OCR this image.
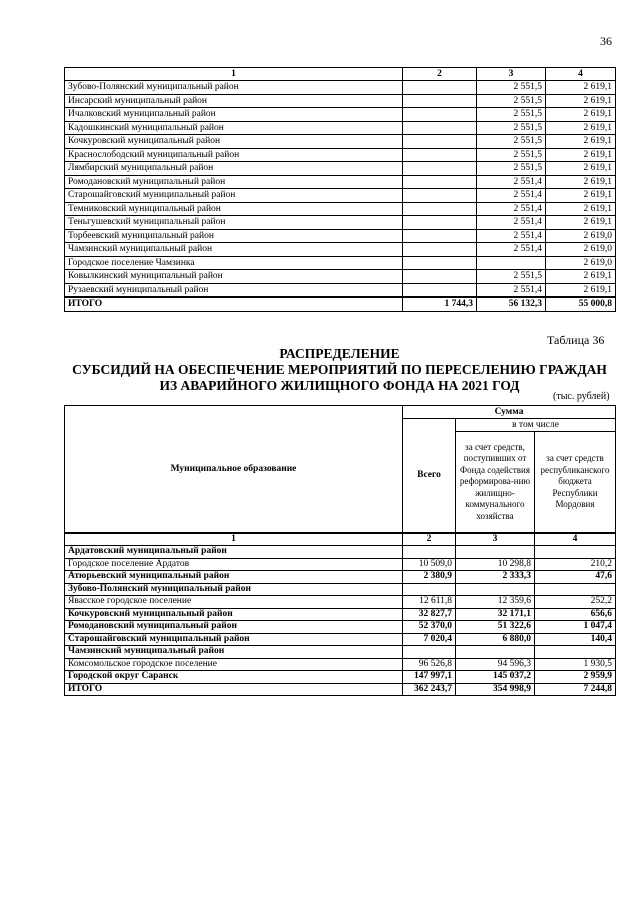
36
1	2	3	4
Зубово-Полянский муниципальный район		2 551,5	2 619,1
Инсарский муниципальный район		2 551,5	2 619,1
Ичалковский муниципальный район		2 551,5	2 619,1
Кадошкинский муниципальный район		2 551,5	2 619,1
Кочкуровский муниципальный район		2 551,5	2 619,1
Краснослободский муниципальный район		2 551,5	2 619,1
Лямбирский муниципальный район		2 551,5	2 619,1
Ромодановский муниципальный район		2 551,4	2 619,1
Старошайговский муниципальный район		2 551,4	2 619,1
Темниковский муниципальный район		2 551,4	2 619,1
Теньгушевский муниципальный район		2 551,4	2 619,1
Торбеевский муниципальный район		2 551,4	2 619,0
Чамзинский муниципальный район		2 551,4	2 619,0
Городское поселение Чамзинка			2 619,0
Ковылкинский муниципальный район		2 551,5	2 619,1
Рузаевский муниципальный район		2 551,4	2 619,1
ИТОГО	1 744,3	56 132,3	55 000,8
Таблица 36
РАСПРЕДЕЛЕНИЕ
СУБСИДИЙ НА ОБЕСПЕЧЕНИЕ МЕРОПРИЯТИЙ ПО ПЕРЕСЕЛЕНИЮ ГРАЖДАН
ИЗ АВАРИЙНОГО ЖИЛИЩНОГО ФОНДА НА 2021 ГОД
(тыс. рублей)
Муниципальное образование	Сумма		
	Всего	в том числе	
		за счет средств, поступивших от Фонда содействия реформирова-нию жилищно-коммунального хозяйства	за счет средств республиканского бюджета Республики Мордовия
1	2	3	4
Ардатовский муниципальный район			
Городское поселение Ардатов	10 509,0	10 298,8	210,2
Атюрьевский муниципальный район	2 380,9	2 333,3	47,6
Зубово-Полянский муниципальный район			
Явасское городское поселение	12 611,8	12 359,6	252,2
Кочкуровский муниципальный район	32 827,7	32 171,1	656,6
Ромодановский муниципальный район	52 370,0	51 322,6	1 047,4
Старошайговский муниципальный район	7 020,4	6 880,0	140,4
Чамзинский муниципальный район			
Комсомольское городское поселение	96 526,8	94 596,3	1 930,5
Городской округ Саранск	147 997,1	145 037,2	2 959,9
ИТОГО	362 243,7	354 998,9	7 244,8
